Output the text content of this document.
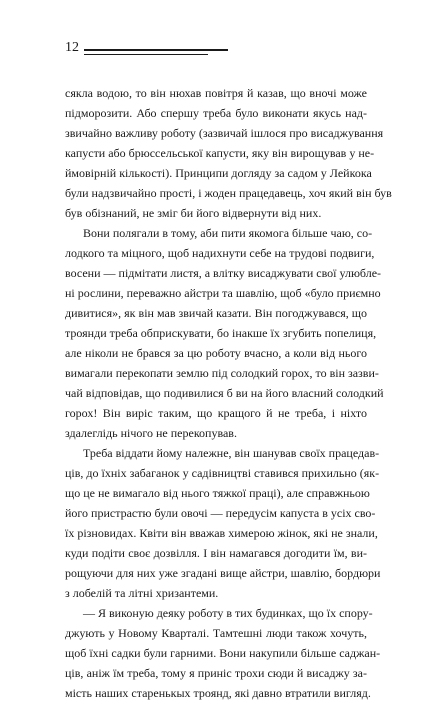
12
сякла водою, то він нюхав повітря й казав, що вночі може
підморозити. Або спершу треба було виконати якусь над-
звичайно важливу роботу (зазвичай ішлося про висаджування
капусти або брюссельської капусти, яку він вирощував у не-
ймовірній кількості). Принципи догляду за садом у Лейкока
були надзвичайно прості, і жоден працедавець, хоч який він був
був обізнаний, не зміг би його відвернути від них.
Вони полягали в тому, аби пити якомога більше чаю, со-
лодкого та міцного, щоб надихнути себе на трудові подвиги,
восени — підмітати листя, а влітку висаджувати свої улюбле-
ні рослини, переважно айстри та шавлію, щоб «було приємно
дивитися», як він мав звичай казати. Він погоджувався, що
троянди треба обприскувати, бо інакше їх згубить попелиця,
але ніколи не брався за цю роботу вчасно, а коли від нього
вимагали перекопати землю під солодкий горох, то він зазви-
чай відповідав, що подивилися б ви на його власний солодкий
горох! Він виріс таким, що кращого й не треба, і ніхто
здалеглідь нічого не перекопував.
Треба віддати йому належне, він шанував своїх працедав-
ців, до їхніх забаганок у садівництві ставився прихильно (як-
що це не вимагало від нього тяжкої праці), але справжньою
його пристрастю були овочі — передусім капуста в усіх сво-
їх різновидах. Квіти він вважав химерою жінок, які не знали,
куди подіти своє дозвілля. І він намагався догодити їм, ви-
рощуючи для них уже згадані вище айстри, шавлію, бордюри
з лобелій та літні хризантеми.
— Я виконую деяку роботу в тих будинках, що їх спору-
джують у Новому Кварталі. Тамтешні люди також хочуть,
щоб їхні садки були гарними. Вони накупили більше саджан-
ців, аніж їм треба, тому я приніс трохи сюди й висаджу за-
мість наших старенькых троянд, які давно втратили вигляд.
